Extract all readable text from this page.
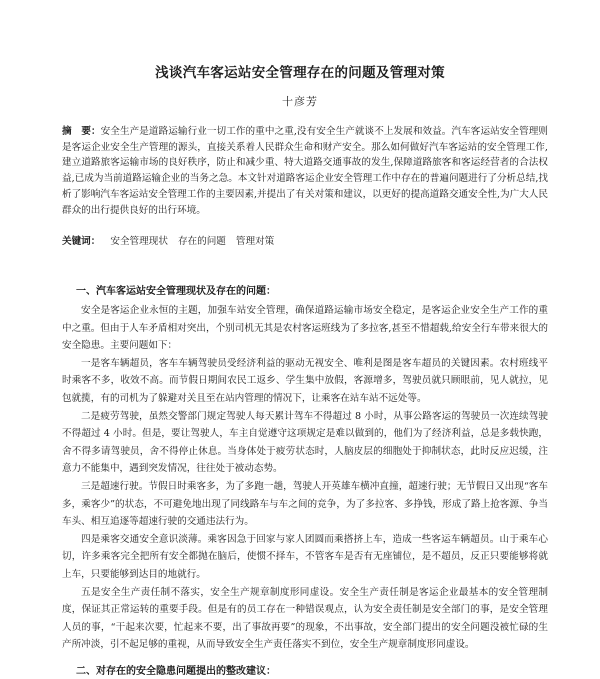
浅谈汽车客运站安全管理存在的问题及管理对策
十彦芳

摘　要：安全生产是道路运输行业一切工作的重中之重,没有安全生产就谈不上发展和效益。汽车客运站安全管理则是客运企业安全生产管理的源头，直接关系着人民群众生命和财产安全。那么如何做好汽车客运站的安全管理工作,建立道路旅客运输市场的良好秩序，防止和减少重、特大道路交通事故的发生,保障道路旅客和客运经营者的合法权益,已成为当前道路运输企业的当务之急。本文针对道路客运企业安全管理工作中存在的普遍问题进行了分析总结,找析了影响汽车客运站安全管理工作的主要因素,并提出了有关对策和建议，以更好的提高道路交通安全性,为广大人民群众的出行提供良好的出行环境。

关键词： 安全管理现状 存在的问题 管理对策

一、汽车客运站安全管理现状及存在的问题：

安全是客运企业永恒的主题，加强车站安全管理，确保道路运输市场安全稳定，是客运企业安全生产工作的重中之重。但由于人车矛盾相对突出，个别司机无其是农村客运班线为了多拉客,甚至不惜超载,给安全行车带来很大的安全隐患。主要问题如下：

一是客车辆超员，客车车辆驾驶员受经济利益的驱动无视安全、唯利是图是客车超员的关键因素。农村班线平时乘客不多，收效不高。而节假日期间农民工返乡、学生集中放假，客源增多，驾驶员就只顾眼前，见人就拉，见包就揽，有的司机为了躲避对关且至在站内管理的情况下，让乘客在站车站不远处等。

二是疲劳驾驶，虽然交警部门规定驾驶人每天累计驾车不得超过 8 小时，从事公路客运的驾驶员一次连续驾驶不得超过 4 小时。但是，要让驾驶人，车主自觉遵守这项规定是难以做到的，他们为了经济利益，总是多载快跑，舍不得多请驾驶员，舍不得停止休息。当身体处于疲劳状态时，人脑皮层的细胞处于抑制状态，此时反应迟缓，注意力不能集中，遇到突发情况，往往处于被动态势。

三是超速行驶。节假日时乘客多，为了多跑一趟，驾驶人开英雄车横冲直撞，超速行驶；无节假日又出现“客车多，乘客少”的状态，不可避免地出现了同线路车与车之间的竞争，为了多拉客、多挣钱，形成了路上抢客源、争当车头、相互追逐等超速行驶的交通违法行为。

四是乘客交通安全意识淡薄。乘客因急于回家与家人团圆而乘搭挤上车，造成一些客运车辆超员。山于乘车心切，许多乘客完全把所有安全都抛在脑后，使惯不择车，不管客车是否有无座铺位，是不超员，反正只要能够将就上车，只要能够到达目的地就行。

五是安全生产责任制不落实，安全生产规章制度形同虚设。安全生产责任制是客运企业最基本的安全管理制度，保证其正常运转的重要手段。但是有的员工存在一种错误观点，认为安全责任制是安全部门的事，是安全管理人员的事，“干起来次要，忙起来不要，出了事故再要”的现象，不出事故，安全部门提出的安全问题没被忙碌的生产所冲淡，引不起足够的重视，从而导致安全生产责任落实不到位，安全生产规章制度形同虚设。

二、对存在的安全隐患问题提出的整改建议：
